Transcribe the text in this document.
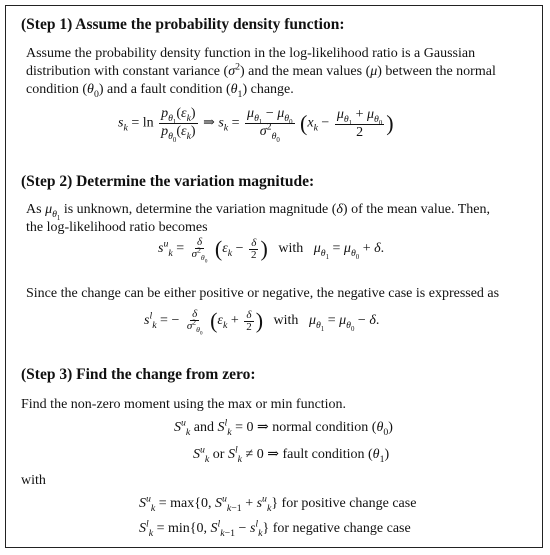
(Step 1) Assume the probability density function:
Assume the probability density function in the log-likelihood ratio is a Gaussian
distribution with constant variance $(\sigma^2)$ and the mean values (μ) between the normal
condition $(\theta_0)$ and a fault condition $(\theta_1)$ change.
$s_k = \ln \frac{p_{\theta_1}(\varepsilon_k)}{p_{\theta_0}(\varepsilon_k)}$ ⇒ $s_k = \frac{\mu_{\theta_1} - \mu_{\theta_0}}{\sigma^2_{\theta_0}} (x_k - \frac{\mu_{\theta_1} + \mu_{\theta_0}}{2}$ )
(Step 2) Determine the variation magnitude:
As $\mu_{\theta_1}$ is unknown, determine the variation magnitude (δ) of the mean value. Then,
the log-likelihood ratio becomes
$s^u_k = \frac{\delta}{\sigma^2_{\theta_0}} (\varepsilon_k - \frac{\delta}{2}$ ) with $\mu_{\theta_1} = \mu_{\theta_0} + \delta$.
Since the change can be either positive or negative, the negative case is expressed as
$s^l_k$ = − $\frac{\delta}{\sigma^2_{\theta_0}} (\varepsilon_k + \frac{\delta}{2}$ ) with $\mu_{\theta_1} = \mu_{\theta_0} - \delta$.
(Step 3) Find the change from zero:
Find the non-zero moment using the max or min function.
$S^u_k$ and $S^l_k = 0$ ⇒ normal condition $(\theta_0)$
$S^u_k$ or $S^l_k \ne 0$ ⇒ fault condition $(\theta_1)$
with
$S^u_k = \max\{0$, $S^u_{k-1} + s^u_k$} for positive change case
$S^l_k = \min\{0$, $S^l_{k-1} - s^l_k$} for negative change case
